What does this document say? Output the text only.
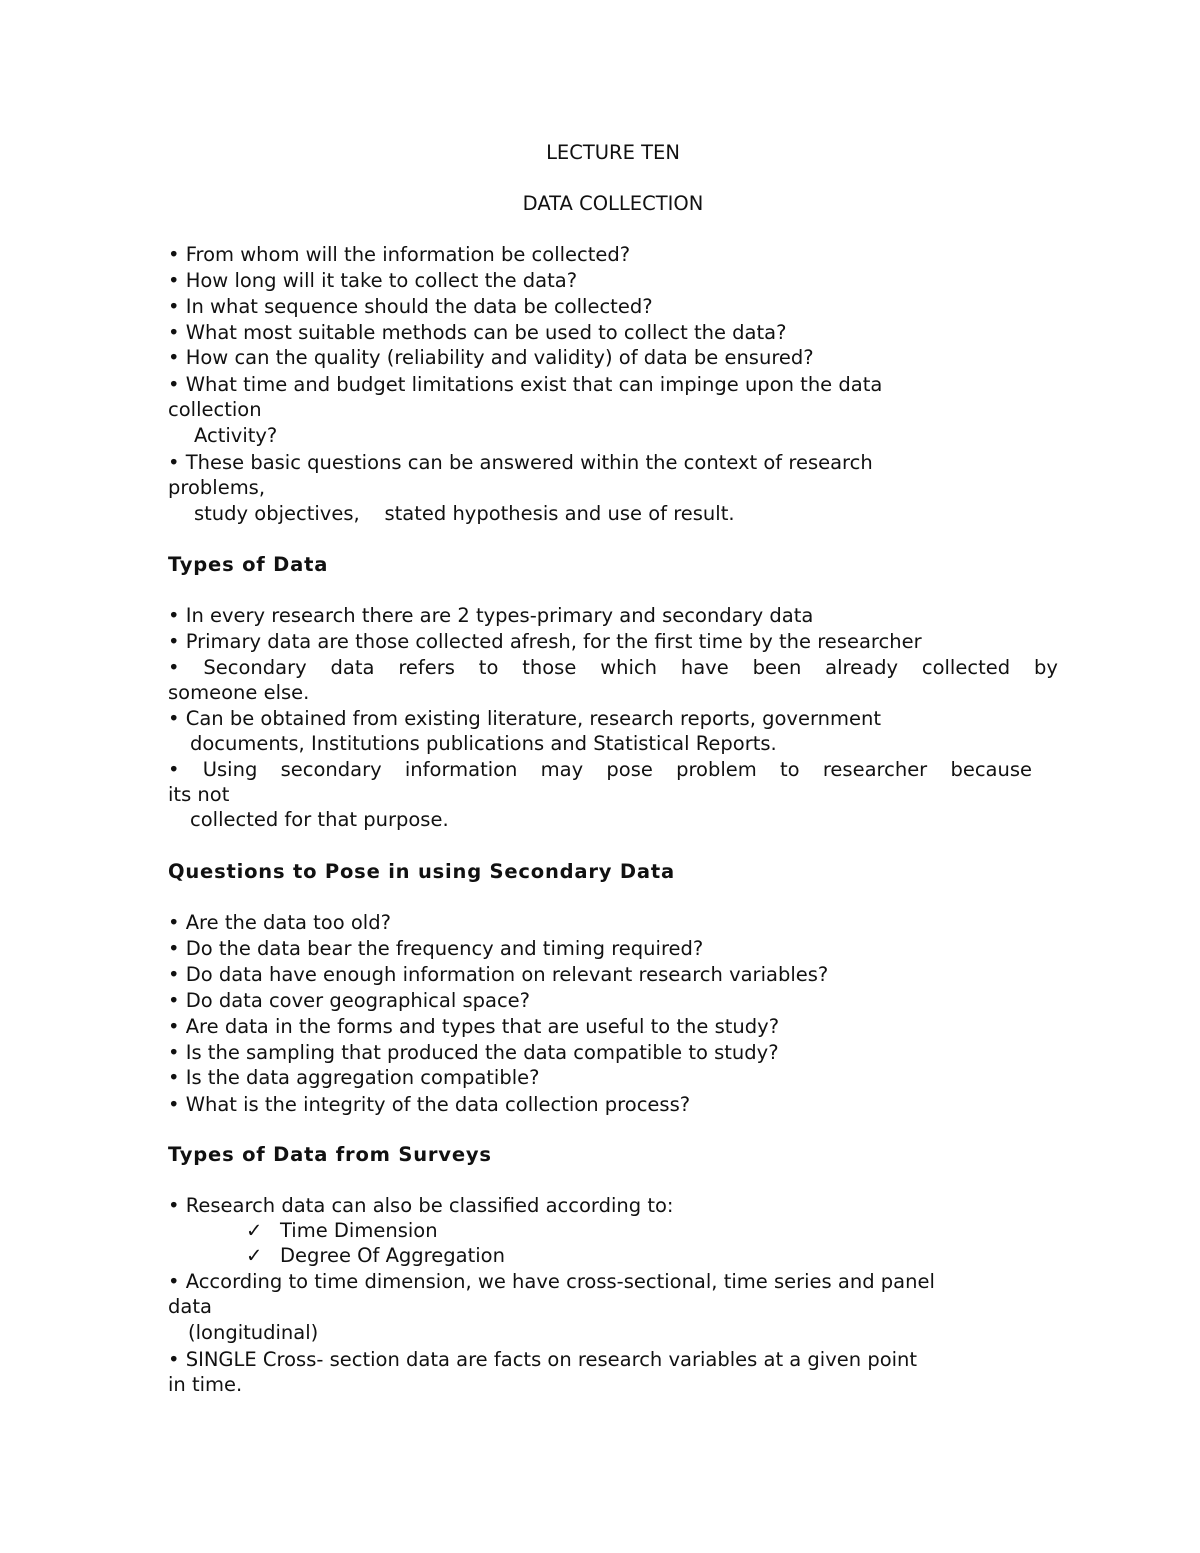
LECTURE TEN
DATA COLLECTION
• From whom will the information be collected?
• How long will it take to collect the data?
• In what sequence should the data be collected?
• What most suitable methods can be used to collect the data?
• How can the quality (reliability and validity) of data be ensured?
• What time and budget limitations exist that can impinge upon the data
collection
Activity?
• These basic questions can be answered within the context of research
problems,
study objectives,    stated hypothesis and use of result.
Types of Data
• In every research there are 2 types-primary and secondary data
• Primary data are those collected afresh, for the first time by the researcher
• Secondary data refers to those which have been already collected by
someone else.
• Can be obtained from existing literature, research reports, government
documents, Institutions publications and Statistical Reports.
• Using secondary information may pose problem to researcher because
its not
collected for that purpose.
Questions to Pose in using Secondary Data
• Are the data too old?
• Do the data bear the frequency and timing required?
• Do data have enough information on relevant research variables?
• Do data cover geographical space?
• Are data in the forms and types that are useful to the study?
• Is the sampling that produced the data compatible to study?
• Is the data aggregation compatible?
• What is the integrity of the data collection process?
Types of Data from Surveys
• Research data can also be classified according to:
✓ Time Dimension
✓ Degree Of Aggregation
• According to time dimension, we have cross-sectional, time series and panel
data
(longitudinal)
• SINGLE Cross- section data are facts on research variables at a given point
in time.
